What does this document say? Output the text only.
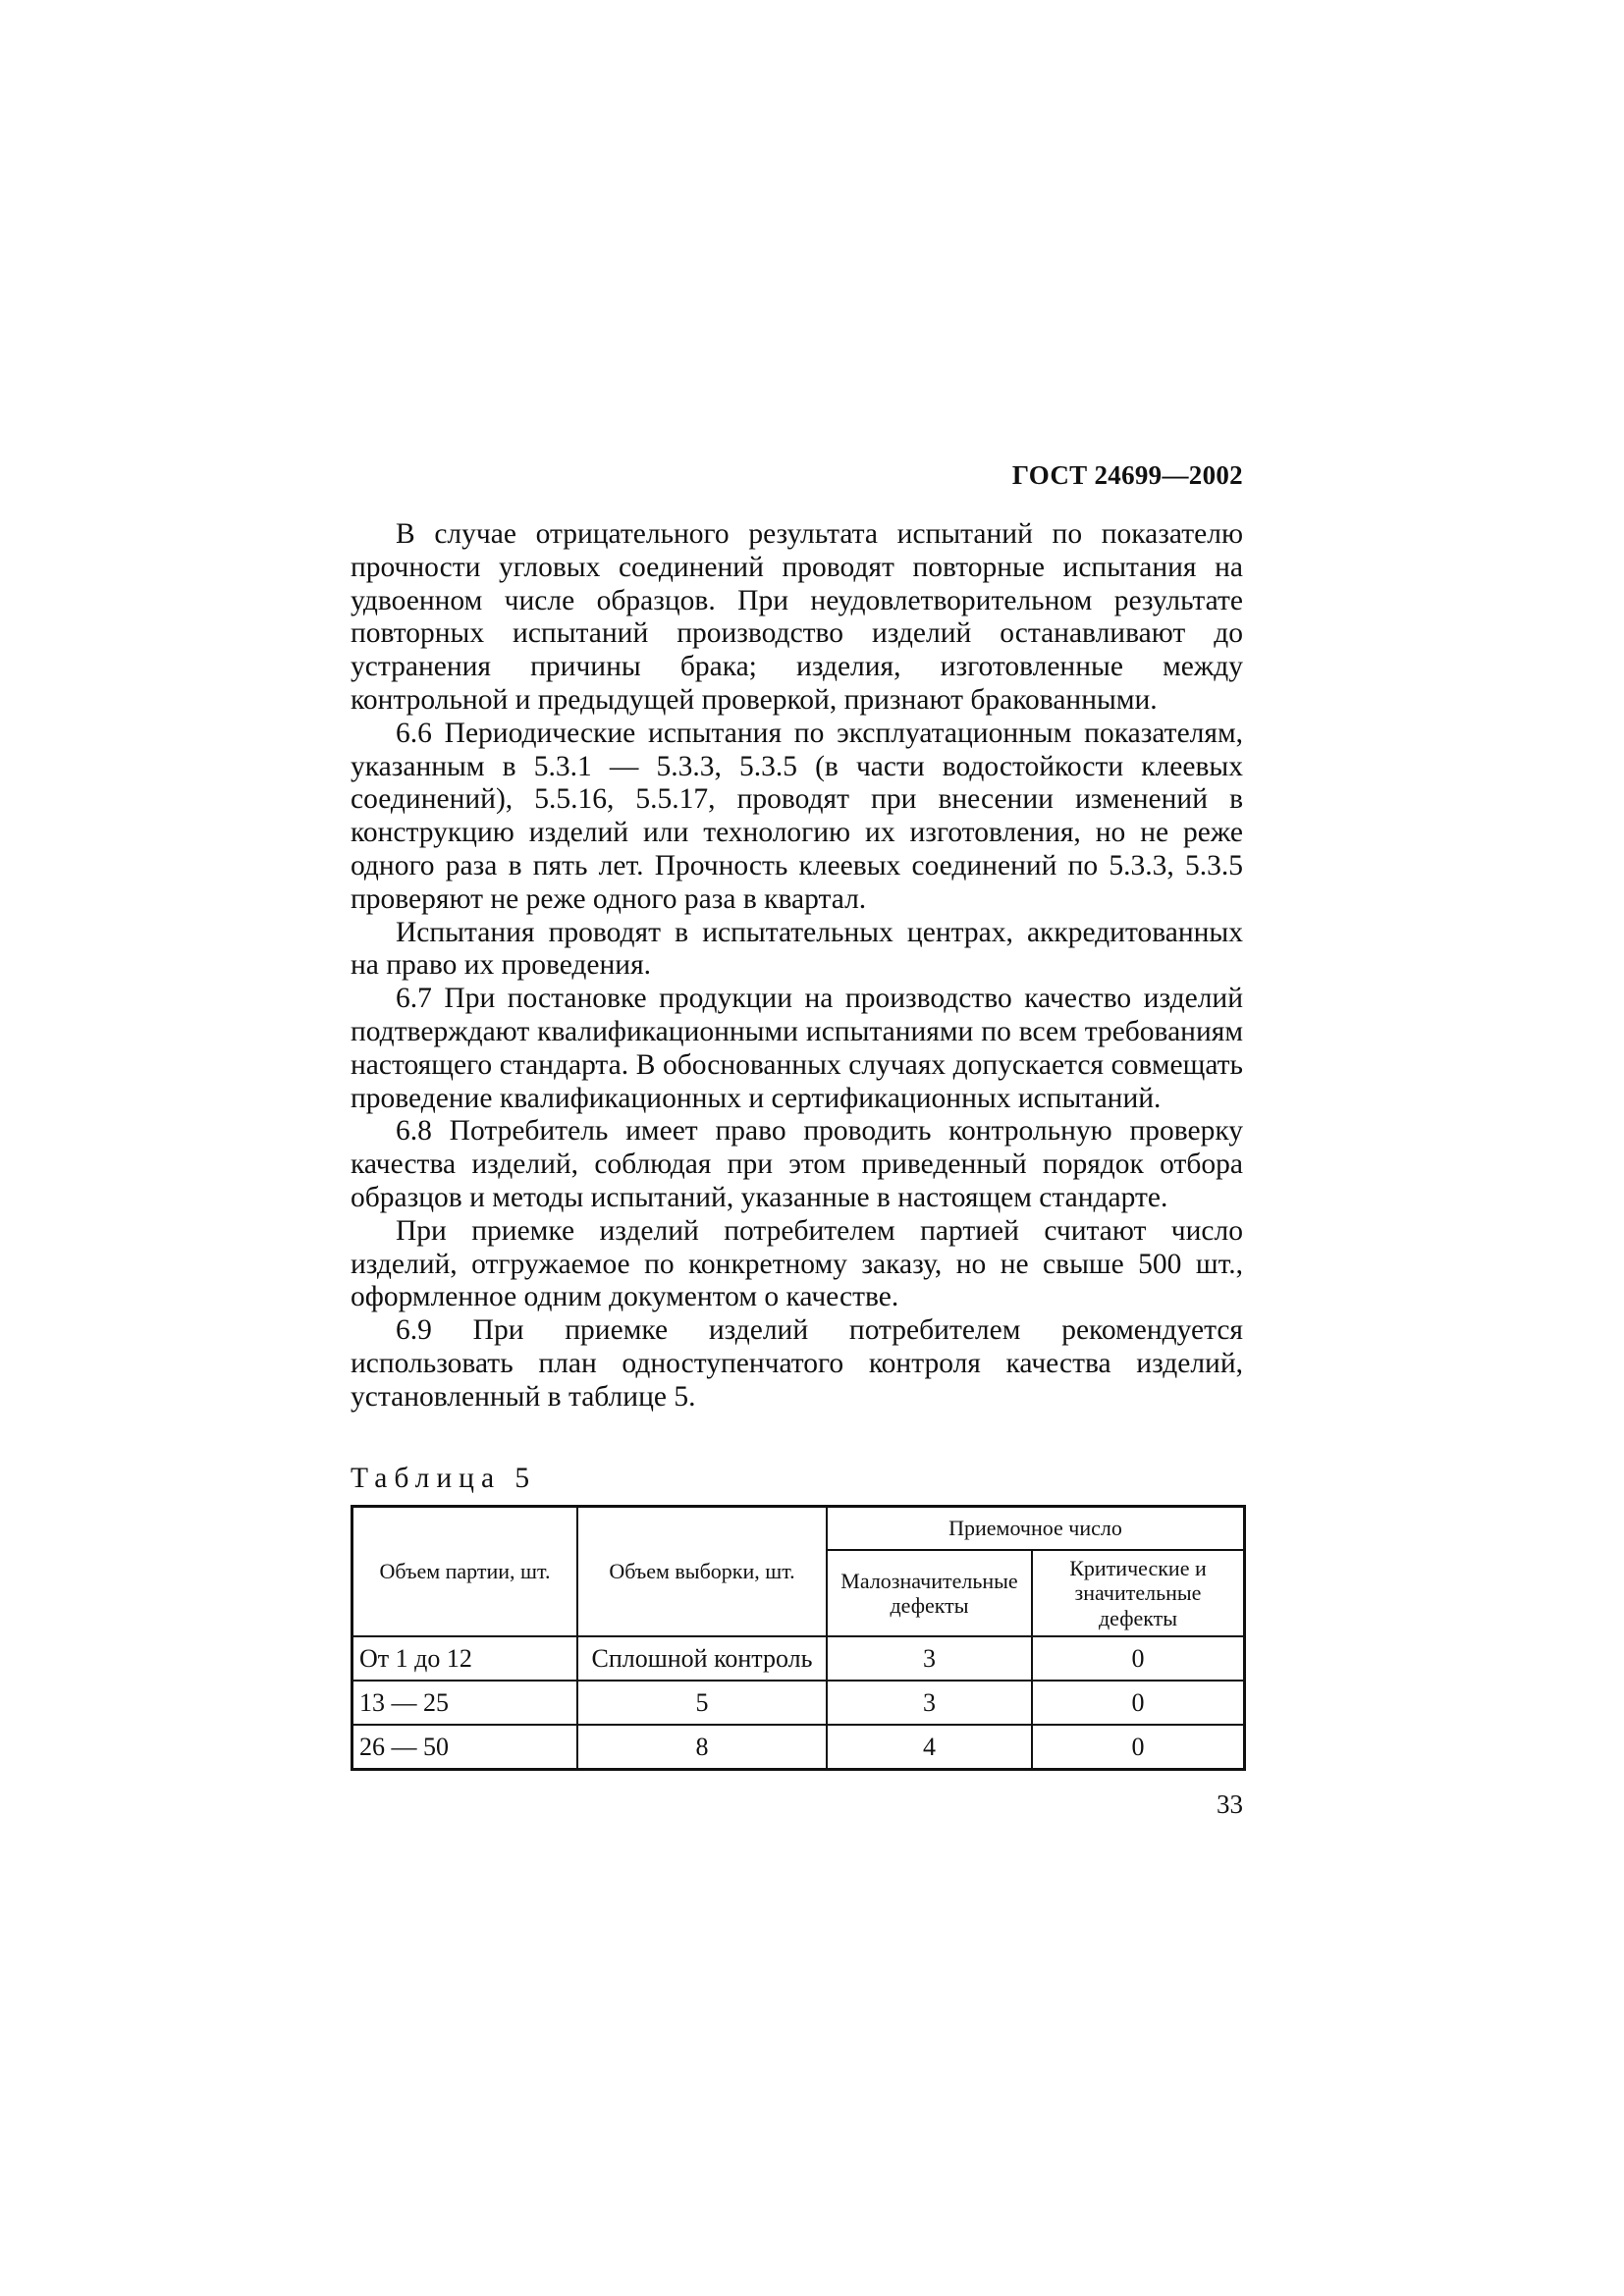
ГОСТ 24699—2002

В случае отрицательного результата испытаний по показателю прочности угловых соединений проводят повторные испытания на удвоенном числе образцов. При неудовлетворительном результате повторных испытаний производство изделий останавливают до устранения причины брака; изделия, изготовленные между контрольной и предыдущей проверкой, признают бракованными.

6.6 Периодические испытания по эксплуатационным показателям, указанным в 5.3.1 — 5.3.3, 5.3.5 (в части водостойкости клеевых соединений), 5.5.16, 5.5.17, проводят при внесении изменений в конструкцию изделий или технологию их изготовления, но не реже одного раза в пять лет. Прочность клеевых соединений по 5.3.3, 5.3.5 проверяют не реже одного раза в квартал.

Испытания проводят в испытательных центрах, аккредитованных на право их проведения.

6.7 При постановке продукции на производство качество изделий подтверждают квалификационными испытаниями по всем требованиям настоящего стандарта. В обоснованных случаях допускается совмещать проведение квалификационных и сертификационных испытаний.

6.8 Потребитель имеет право проводить контрольную проверку качества изделий, соблюдая при этом приведенный порядок отбора образцов и методы испытаний, указанные в настоящем стандарте.

При приемке изделий потребителем партией считают число изделий, отгружаемое по конкретному заказу, но не свыше 500 шт., оформленное одним документом о качестве.

6.9 При приемке изделий потребителем рекомендуется использовать план одноступенчатого контроля качества изделий, установленный в таблице 5.

Таблица 5
Объем партии, шт.	Объем выборки, шт.	Приемочное число	
		Малозначительные дефекты	Критические и значительные дефекты
От 1 до 12	Сплошной контроль	3	0
13 — 25	5	3	0
26 — 50	8	4	0
33
